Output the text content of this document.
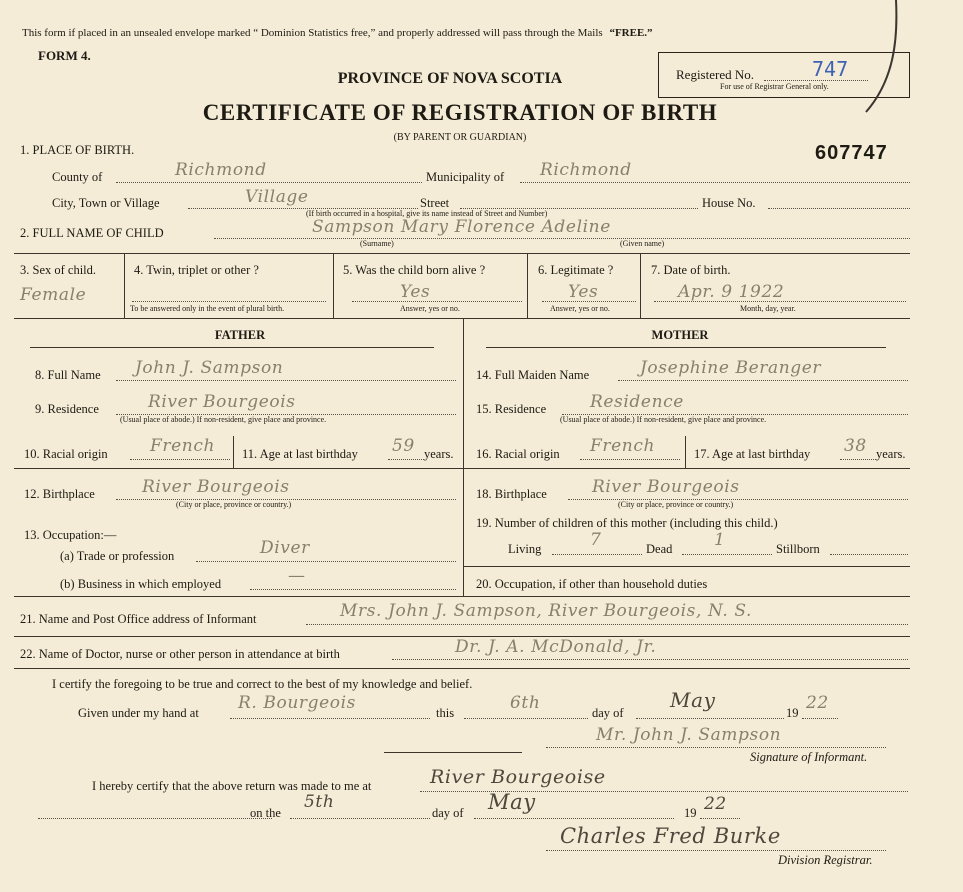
This form if placed in an unsealed envelope marked “ Dominion Statistics free,” and properly addressed will pass through the Mails “FREE.”
FORM 4.
PROVINCE OF NOVA SCOTIA
CERTIFICATE OF REGISTRATION OF BIRTH
(BY PARENT OR GUARDIAN)
Registered No.	747
For use of Registrar General only.
607747
1. PLACE OF BIRTH.
County of	Richmond	Municipality of Richmond
City, Town or Village	Village	Street	House No.
(If birth occurred in a hospital, give its name instead of Street and Number)
2. FULL NAME OF CHILD	Sampson Mary Florence Adeline
(Surname)	(Given name)
3. Sex of child.
Female
4. Twin, triplet or other ?
To be answered only in the event of plural birth.
5. Was the child born alive ?
Yes
Answer, yes or no.
6. Legitimate ?
Yes
Answer, yes or no.
7. Date of birth.
Apr. 9 1922
Month, day, year.
FATHER	MOTHER
8. Full Name John J. Sampson
9. Residence	River Bourgeois
(Usual place of abode.) If non-resident, give place and province.
10. Racial origin French 11. Age at last birthday 59 years.
12. Birthplace	River Bourgeois
(City or place, province or country.)
13. Occupation:—
(a) Trade or profession	Diver
(b) Business in which employed	—
14. Full Maiden Name	Josephine Beranger
15. Residence	Residence
(Usual place of abode.) If non-resident, give place and province.
16. Racial origin French	17. Age at last birthday 38 years.
18. Birthplace	River Bourgeois
(City or place, province or country.)
19. Number of children of this mother (including this child.)
Living	7	Dead 1	Stillborn
20. Occupation, if other than household duties
21. Name and Post Office address of Informant	Mrs. John J. Sampson, River Bourgeois, N. S.
22. Name of Doctor, nurse or other person in attendance at birth	Dr. J. A. McDonald, Jr.
I certify the foregoing to be true and correct to the best of my knowledge and belief.
Given under my hand at R. Bourgeois	this	6th	day of
May
19 22
Mr. John J. Sampson
Signature of Informant.
I hereby certify that the above return was made to me at	River Bourgeoise
on the
5th
day of May	19 22
Charles Fred Burke
Division Registrar.
